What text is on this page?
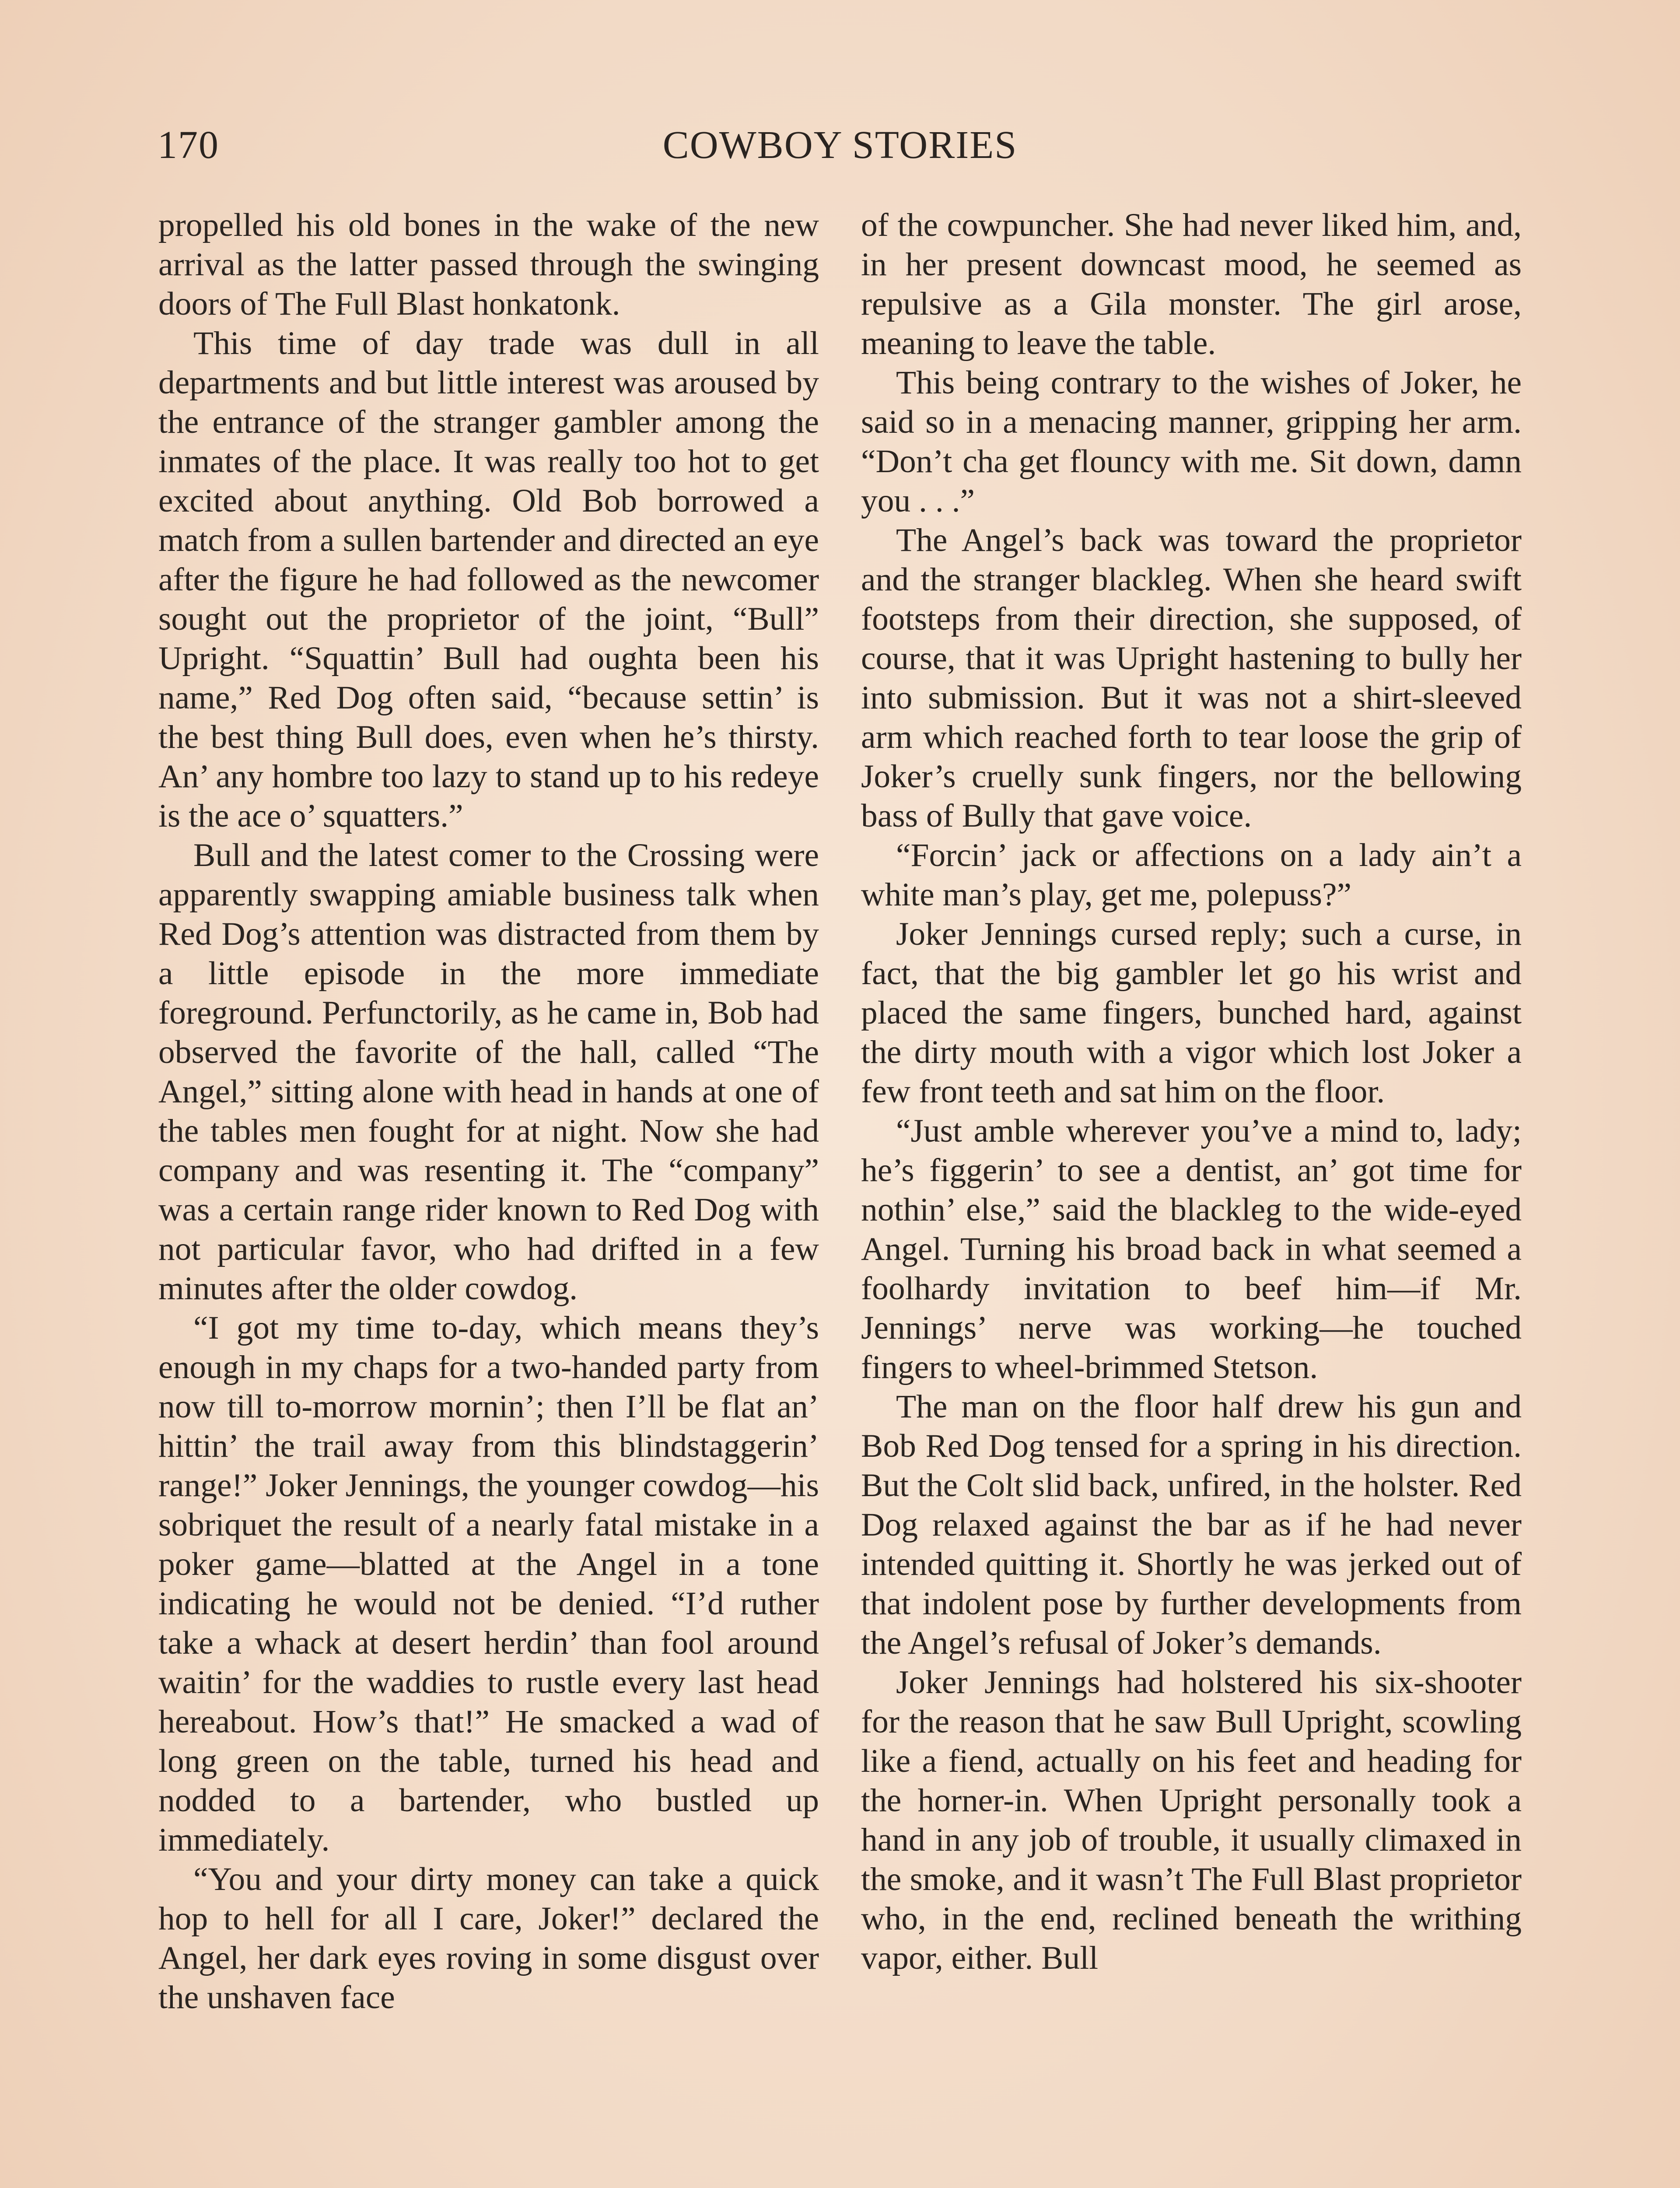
170	COWBOY STORIES

propelled his old bones in the wake of the new arrival as the latter passed through the swinging doors of The Full Blast honkatonk.

This time of day trade was dull in all departments and but little interest was aroused by the entrance of the stranger gambler among the inmates of the place. It was really too hot to get excited about anything. Old Bob borrowed a match from a sullen bartender and directed an eye after the figure he had followed as the newcomer sought out the proprietor of the joint, “Bull” Upright. “Squattin’ Bull had oughta been his name,” Red Dog often said, “because settin’ is the best thing Bull does, even when he’s thirsty. An’ any hombre too lazy to stand up to his redeye is the ace o’ squatters.”

Bull and the latest comer to the Crossing were apparently swapping amiable business talk when Red Dog’s attention was distracted from them by a little episode in the more immediate foreground. Perfunctorily, as he came in, Bob had observed the favorite of the hall, called “The Angel,” sitting alone with head in hands at one of the tables men fought for at night. Now she had company and was resenting it. The “company” was a certain range rider known to Red Dog with not particular favor, who had drifted in a few minutes after the older cowdog.

“I got my time to-day, which means they’s enough in my chaps for a two-handed party from now till to-morrow mornin’; then I’ll be flat an’ hittin’ the trail away from this blindstaggerin’ range!” Joker Jennings, the younger cowdog—his sobriquet the result of a nearly fatal mistake in a poker game—blatted at the Angel in a tone indicating he would not be denied. “I’d ruther take a whack at desert herdin’ than fool around waitin’ for the waddies to rustle every last head hereabout. How’s that!” He smacked a wad of long green on the table, turned his head and nodded to a bartender, who bustled up immediately.

“You and your dirty money can take a quick hop to hell for all I care, Joker!” declared the Angel, her dark eyes roving in some disgust over the unshaven face

of the cowpuncher. She had never liked him, and, in her present downcast mood, he seemed as repulsive as a Gila monster. The girl arose, meaning to leave the table.

This being contrary to the wishes of Joker, he said so in a menacing manner, gripping her arm. “Don’t cha get flouncy with me. Sit down, damn you . . .”

The Angel’s back was toward the proprietor and the stranger blackleg. When she heard swift footsteps from their direction, she supposed, of course, that it was Upright hastening to bully her into submission. But it was not a shirt-sleeved arm which reached forth to tear loose the grip of Joker’s cruelly sunk fingers, nor the bellowing bass of Bully that gave voice.

“Forcin’ jack or affections on a lady ain’t a white man’s play, get me, polepuss?”

Joker Jennings cursed reply; such a curse, in fact, that the big gambler let go his wrist and placed the same fingers, bunched hard, against the dirty mouth with a vigor which lost Joker a few front teeth and sat him on the floor.

“Just amble wherever you’ve a mind to, lady; he’s figgerin’ to see a dentist, an’ got time for nothin’ else,” said the blackleg to the wide-eyed Angel. Turning his broad back in what seemed a foolhardy invitation to beef him—if Mr. Jennings’ nerve was working—he touched fingers to wheel-brimmed Stetson.

The man on the floor half drew his gun and Bob Red Dog tensed for a spring in his direction. But the Colt slid back, unfired, in the holster. Red Dog relaxed against the bar as if he had never intended quitting it. Shortly he was jerked out of that indolent pose by further developments from the Angel’s refusal of Joker’s demands.

Joker Jennings had holstered his six-shooter for the reason that he saw Bull Upright, scowling like a fiend, actually on his feet and heading for the horner-in. When Upright personally took a hand in any job of trouble, it usually climaxed in the smoke, and it wasn’t The Full Blast proprietor who, in the end, reclined beneath the writhing vapor, either. Bull
